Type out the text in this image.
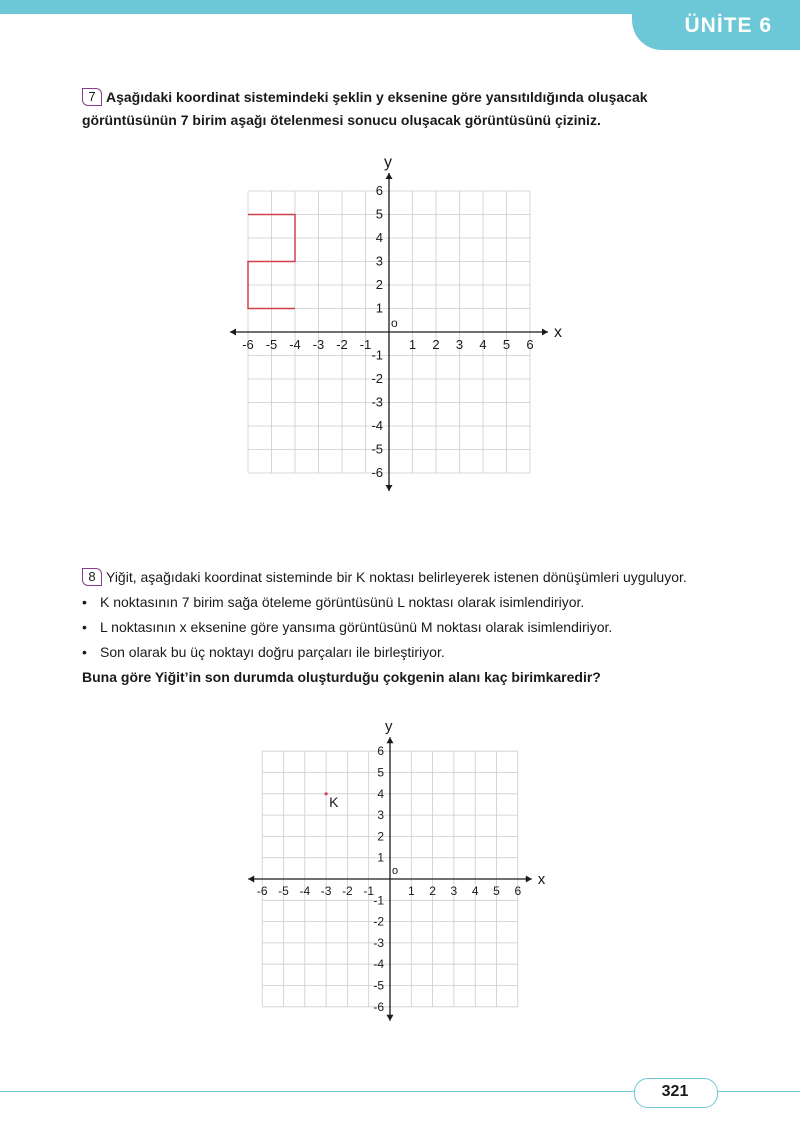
ÜNİTE 6
7 Aşağıdaki koordinat sistemindeki şeklin y eksenine göre yansıtıldığında oluşacak görüntüsünün 7 birim aşağı ötelenmesi sonucu oluşacak görüntüsünü çiziniz.
x
y
o
-6 -5 -4 -3 -2 -1	1 2 3 4 5 6
6
5
4
3
2
1
-1
-2
-3
-4
-5
-6
8 Yiğit, aşağıdaki koordinat sisteminde bir K noktası belirleyerek istenen dönüşümleri uyguluyor.
• K noktasının 7 birim sağa öteleme görüntüsünü L noktası olarak isimlendiriyor.
• L noktasının x eksenine göre yansıma görüntüsünü M noktası olarak isimlendiriyor.
• Son olarak bu üç noktayı doğru parçaları ile birleştiriyor.
Buna göre Yiğit’in son durumda oluşturduğu çokgenin alanı kaç birimkaredir?
x
y
o
-6 -5 -4 -3 -2 -1	1 2 3 4 5 6
6
5
4
3
2
1
-1
-2
-3
-4
-5
-6
K
321
